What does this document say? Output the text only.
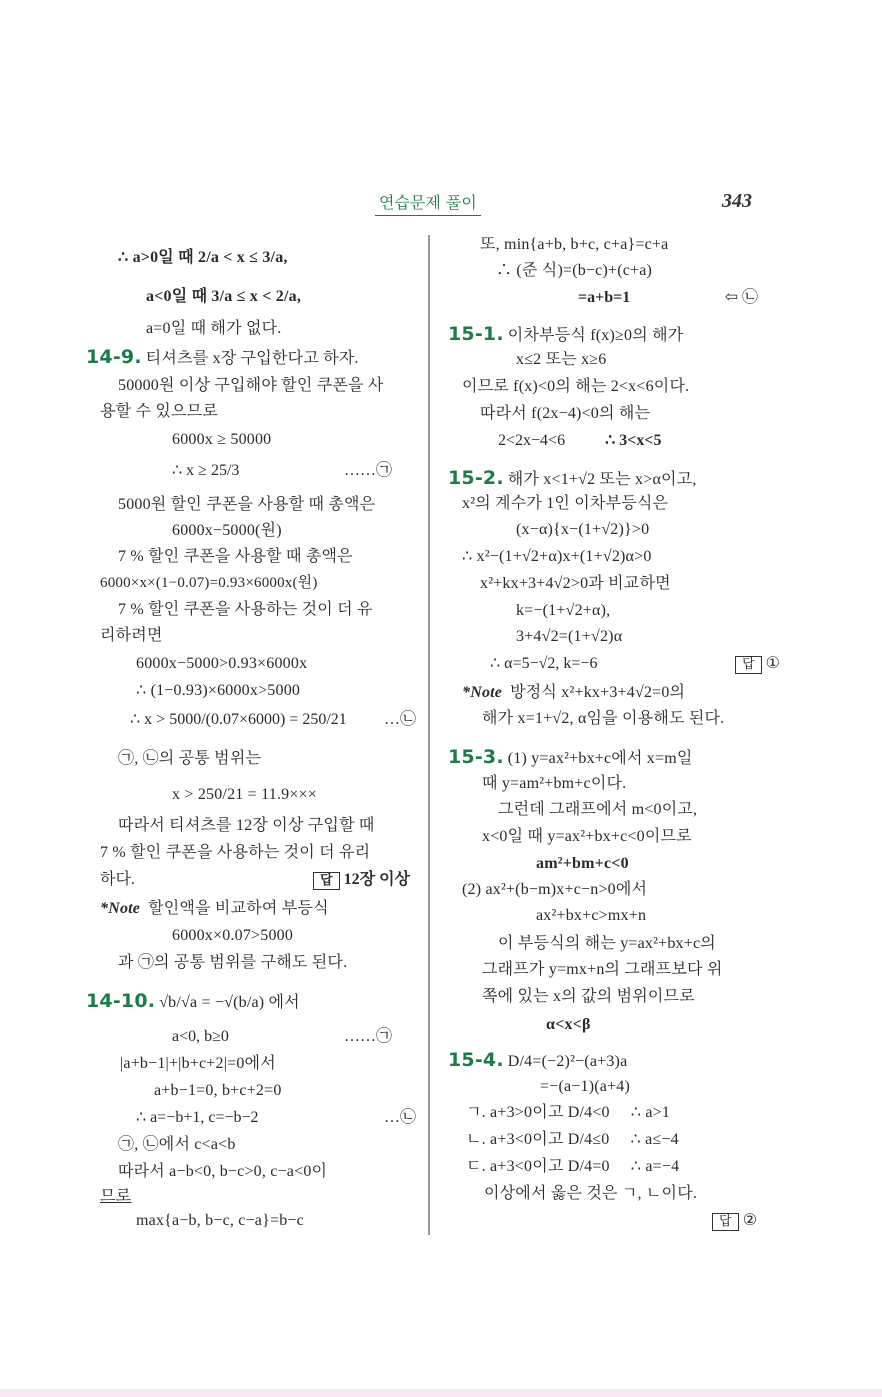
연습문제 풀이	343
∴ a>0일 때 2/a < x ≤ 3/a,
a<0일 때 3/a ≤ x < 2/a,
a=0일 때 해가 없다.
14-9. 티셔츠를 x장 구입한다고 하자.
50000원 이상 구입해야 할인 쿠폰을 사
용할 수 있으므로
6000x ≥ 50000
∴ x ≥ 25/3	……㉠
5000원 할인 쿠폰을 사용할 때 총액은
6000x−5000(원)
7 % 할인 쿠폰을 사용할 때 총액은
6000×x×(1−0.07)=0.93×6000x(원)
7 % 할인 쿠폰을 사용하는 것이 더 유
리하려면
6000x−5000>0.93×6000x
∴ (1−0.93)×6000x>5000
∴ x > 5000/(0.07×6000) = 250/21 …㉡
㉠, ㉡의 공통 범위는
x > 250/21 = 11.9×××
따라서 티셔츠를 12장 이상 구입할 때
7 % 할인 쿠폰을 사용하는 것이 더 유리
하다.	답 12장 이상
*Note 할인액을 비교하여 부등식
6000x×0.07>5000
과 ㉠의 공통 범위를 구해도 된다.
14-10. √b/√a = −√(b/a) 에서
a<0, b≥0	……㉠
|a+b−1|+|b+c+2|=0에서
a+b−1=0, b+c+2=0
∴ a=−b+1, c=−b−2	…㉡
㉠, ㉡에서 c<a<b
따라서 a−b<0, b−c>0, c−a<0이
므로
max{a−b, b−c, c−a}=b−c
또, min{a+b, b+c, c+a}=c+a
∴ (준 식)=(b−c)+(c+a)
=a+b=1	⇦ ㉡
15-1. 이차부등식 f(x)≥0의 해가
x≤2 또는 x≥6
이므로 f(x)<0의 해는 2<x<6이다.
따라서 f(2x−4)<0의 해는
2<2x−4<6	∴ 3<x<5
15-2. 해가 x<1+√2 또는 x>α이고,
x²의 계수가 1인 이차부등식은
(x−α){x−(1+√2)}>0
∴ x²−(1+√2+α)x+(1+√2)α>0
x²+kx+3+4√2>0과 비교하면
k=−(1+√2+α),
3+4√2=(1+√2)α
∴ α=5−√2, k=−6	답 ①
*Note 방정식 x²+kx+3+4√2=0의
해가 x=1+√2, α임을 이용해도 된다.
15-3. (1) y=ax²+bx+c에서 x=m일
때 y=am²+bm+c이다.
그런데 그래프에서 m<0이고,
x<0일 때 y=ax²+bx+c<0이므로
am²+bm+c<0
(2) ax²+(b−m)x+c−n>0에서
ax²+bx+c>mx+n
이 부등식의 해는 y=ax²+bx+c의
그래프가 y=mx+n의 그래프보다 위
쪽에 있는 x의 값의 범위이므로
α<x<β
15-4. D/4=(−2)²−(a+3)a
=−(a−1)(a+4)
ㄱ. a+3>0이고 D/4<0     ∴ a>1
ㄴ. a+3<0이고 D/4≤0     ∴ a≤−4
ㄷ. a+3<0이고 D/4=0     ∴ a=−4
이상에서 옳은 것은 ㄱ, ㄴ이다.
답 ②
